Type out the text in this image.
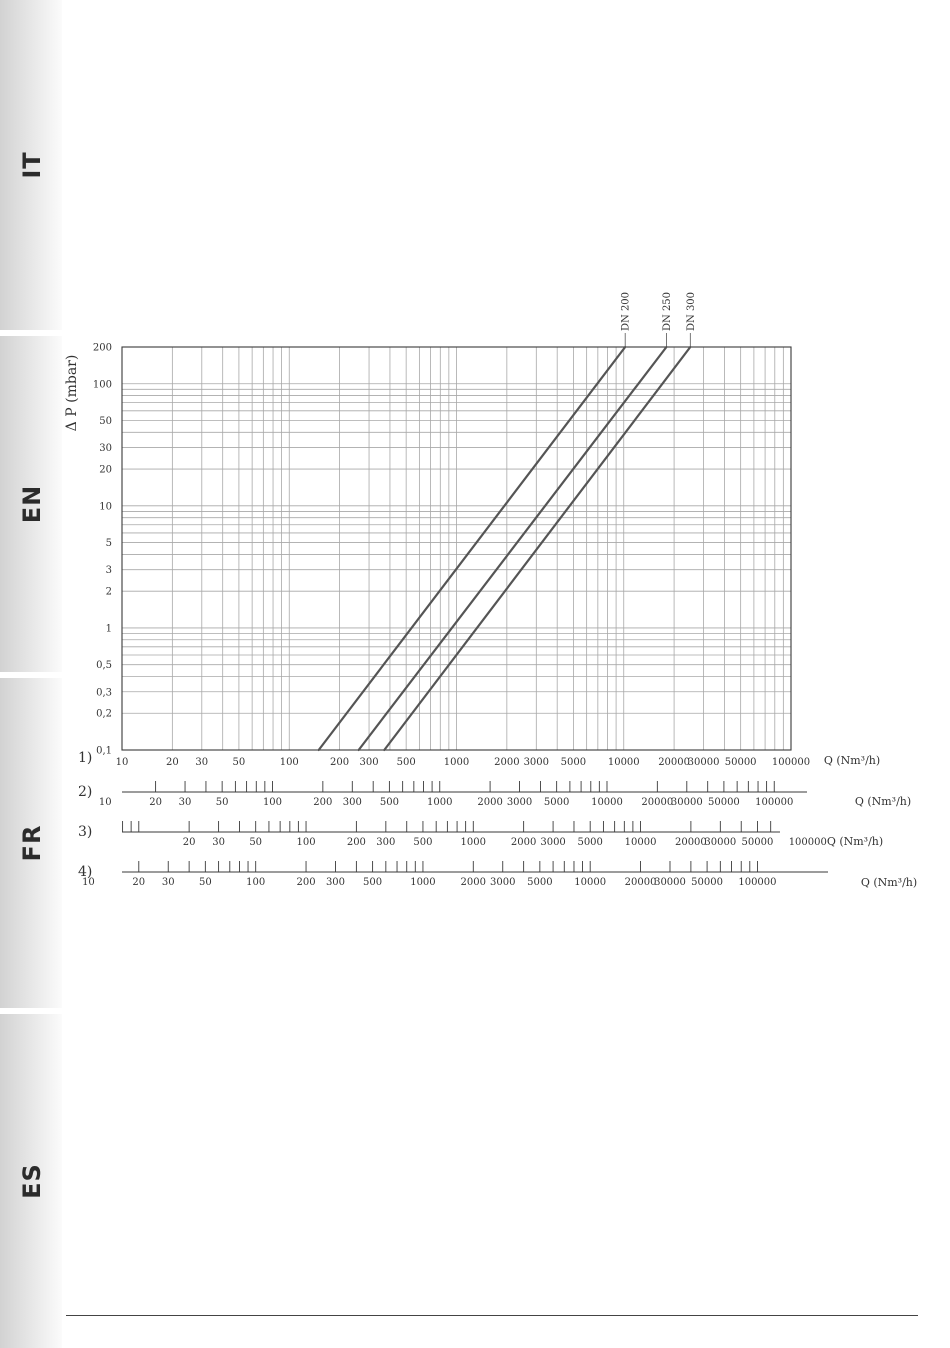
IT
EN
FR
ES
0,1
0,2
0,3
0,5
1
2
3
5
10
20
30
50
100
200
Δ P (mbar)
10	20 30 50	100	200 300 500	1000 2000 3000 5000 10000 20000
30000 50000 100000 Q (Nm³/h)
DN 200	DN 250 DN 300
1)
2)
10	20 30 50	100	200 300 500	1000 2000 3000 5000 10000 20000
30000 50000 100000	Q (Nm³/h)
3)
20 30 50	100	200 300 500	1000 2000 3000 5000 10000 20000
30000 50000 100000 Q (Nm³/h)
4)
10	20 30 50	100	200 300 500	1000 2000 3000 5000 10000 20000
30000 50000 100000	Q (Nm³/h)
